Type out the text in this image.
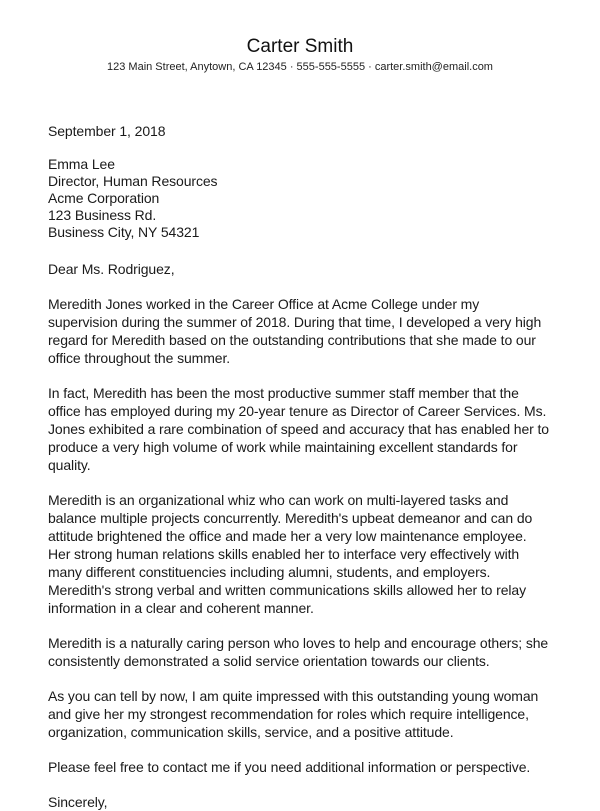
Carter Smith
123 Main Street, Anytown, CA 12345 · 555-555-5555 · carter.smith@email.com

September 1, 2018

Emma Lee
Director, Human Resources
Acme Corporation
123 Business Rd.
Business City, NY 54321

Dear Ms. Rodriguez,

Meredith Jones worked in the Career Office at Acme College under my supervision during the summer of 2018. During that time, I developed a very high regard for Meredith based on the outstanding contributions that she made to our office throughout the summer.

In fact, Meredith has been the most productive summer staff member that the office has employed during my 20-year tenure as Director of Career Services. Ms. Jones exhibited a rare combination of speed and accuracy that has enabled her to produce a very high volume of work while maintaining excellent standards for quality.

Meredith is an organizational whiz who can work on multi-layered tasks and balance multiple projects concurrently. Meredith's upbeat demeanor and can do attitude brightened the office and made her a very low maintenance employee. Her strong human relations skills enabled her to interface very effectively with many different constituencies including alumni, students, and employers. Meredith's strong verbal and written communications skills allowed her to relay information in a clear and coherent manner.

Meredith is a naturally caring person who loves to help and encourage others; she consistently demonstrated a solid service orientation towards our clients.

As you can tell by now, I am quite impressed with this outstanding young woman and give her my strongest recommendation for roles which require intelligence, organization, communication skills, service, and a positive attitude.

Please feel free to contact me if you need additional information or perspective.

Sincerely,
